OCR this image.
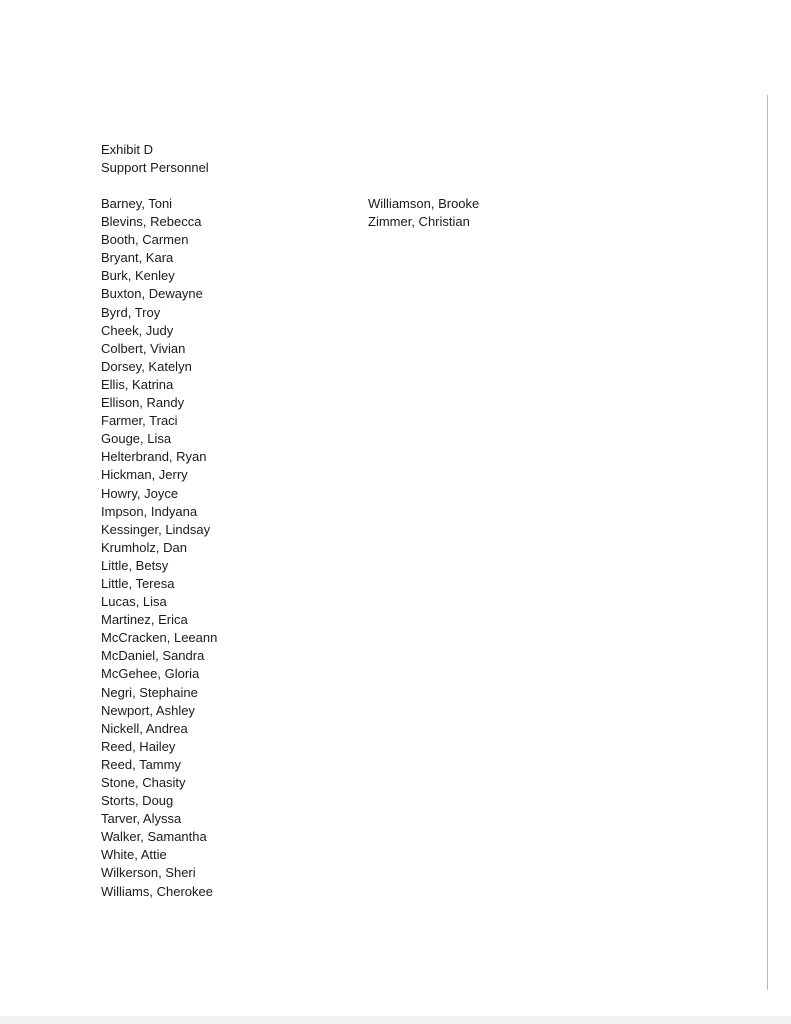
Exhibit D
Support Personnel
Barney, Toni
Blevins, Rebecca
Booth, Carmen
Bryant, Kara
Burk, Kenley
Buxton, Dewayne
Byrd, Troy
Cheek, Judy
Colbert, Vivian
Dorsey, Katelyn
Ellis, Katrina
Ellison, Randy
Farmer, Traci
Gouge, Lisa
Helterbrand, Ryan
Hickman, Jerry
Howry, Joyce
Impson, Indyana
Kessinger, Lindsay
Krumholz, Dan
Little, Betsy
Little, Teresa
Lucas, Lisa
Martinez, Erica
McCracken, Leeann
McDaniel, Sandra
McGehee, Gloria
Negri, Stephaine
Newport, Ashley
Nickell, Andrea
Reed, Hailey
Reed, Tammy
Stone, Chasity
Storts, Doug
Tarver, Alyssa
Walker, Samantha
White, Attie
Wilkerson, Sheri
Williams, Cherokee
Williamson, Brooke
Zimmer, Christian
